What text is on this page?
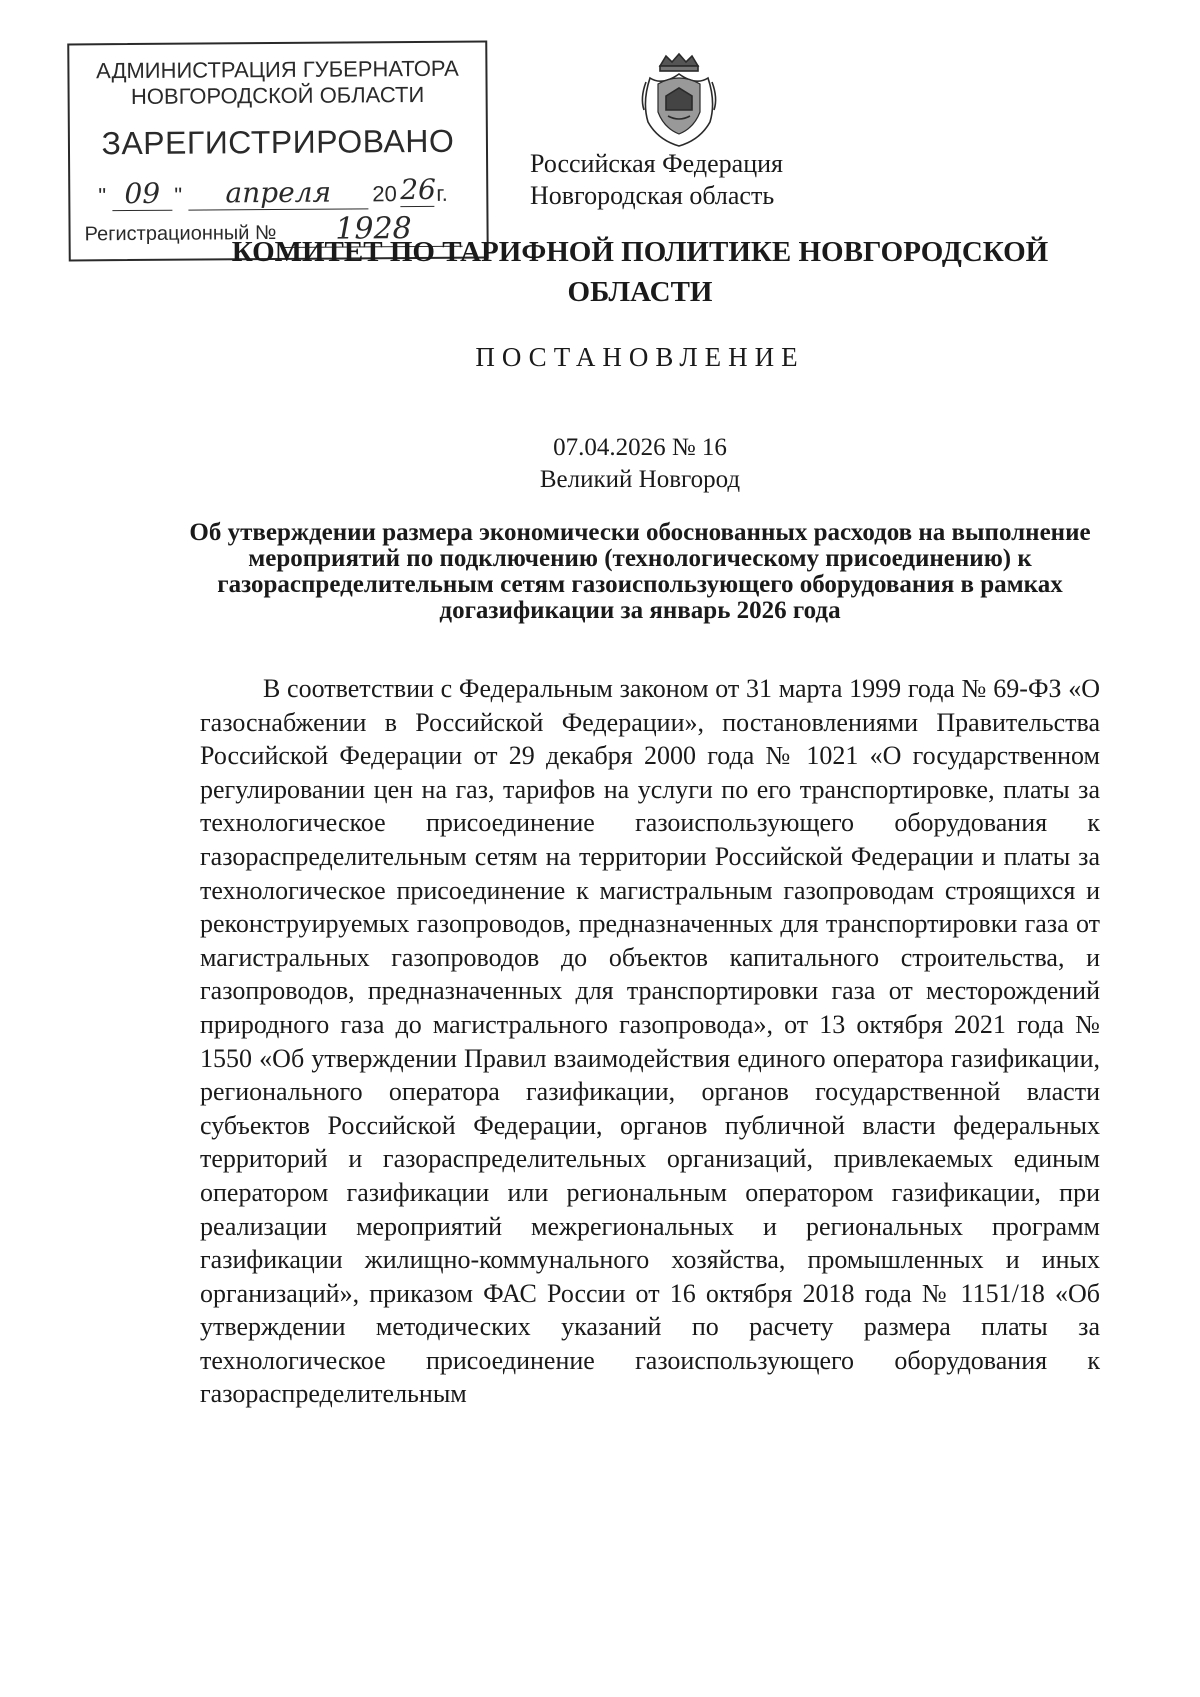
АДМИНИСТРАЦИЯ ГУБЕРНАТОРА
НОВГОРОДСКОЙ ОБЛАСТИ
ЗАРЕГИСТРИРОВАНО
" 09 "	апреля	20 26 г.
Регистрационный №	1928
Российская Федерация
Новгородская область
КОМИТЕТ ПО ТАРИФНОЙ ПОЛИТИКЕ НОВГОРОДСКОЙ ОБЛАСТИ
ПОСТАНОВЛЕНИЕ
07.04.2026 № 16
Великий Новгород
Об утверждении размера экономически обоснованных расходов на выполнение мероприятий по подключению (технологическому присоединению) к газораспределительным сетям газоиспользующего оборудования в рамках догазификации за январь 2026 года

В соответствии с Федеральным законом от 31 марта 1999 года № 69-ФЗ «О газоснабжении в Российской Федерации», постановлениями Правительства Российской Федерации от 29 декабря 2000 года № 1021 «О государственном регулировании цен на газ, тарифов на услуги по его транспортировке, платы за технологическое присоединение газоиспользующего оборудования к газораспределительным сетям на территории Российской Федерации и платы за технологическое присоединение к магистральным газопроводам строящихся и реконструируемых газопроводов, предназначенных для транспортировки газа от магистральных газопроводов до объектов капитального строительства, и газопроводов, предназначенных для транспортировки газа от месторождений природного газа до магистрального газопровода», от 13 октября 2021 года № 1550 «Об утверждении Правил взаимодействия единого оператора газификации, регионального оператора газификации, органов государственной власти субъектов Российской Федерации, органов публичной власти федеральных территорий и газораспределительных организаций, привлекаемых единым оператором газификации или региональным оператором газификации, при реализации мероприятий межрегиональных и региональных программ газификации жилищно-коммунального хозяйства, промышленных и иных организаций», приказом ФАС России от 16 октября 2018 года № 1151/18 «Об утверждении методических указаний по расчету размера платы за технологическое присоединение газоиспользующего оборудования к газораспределительным
